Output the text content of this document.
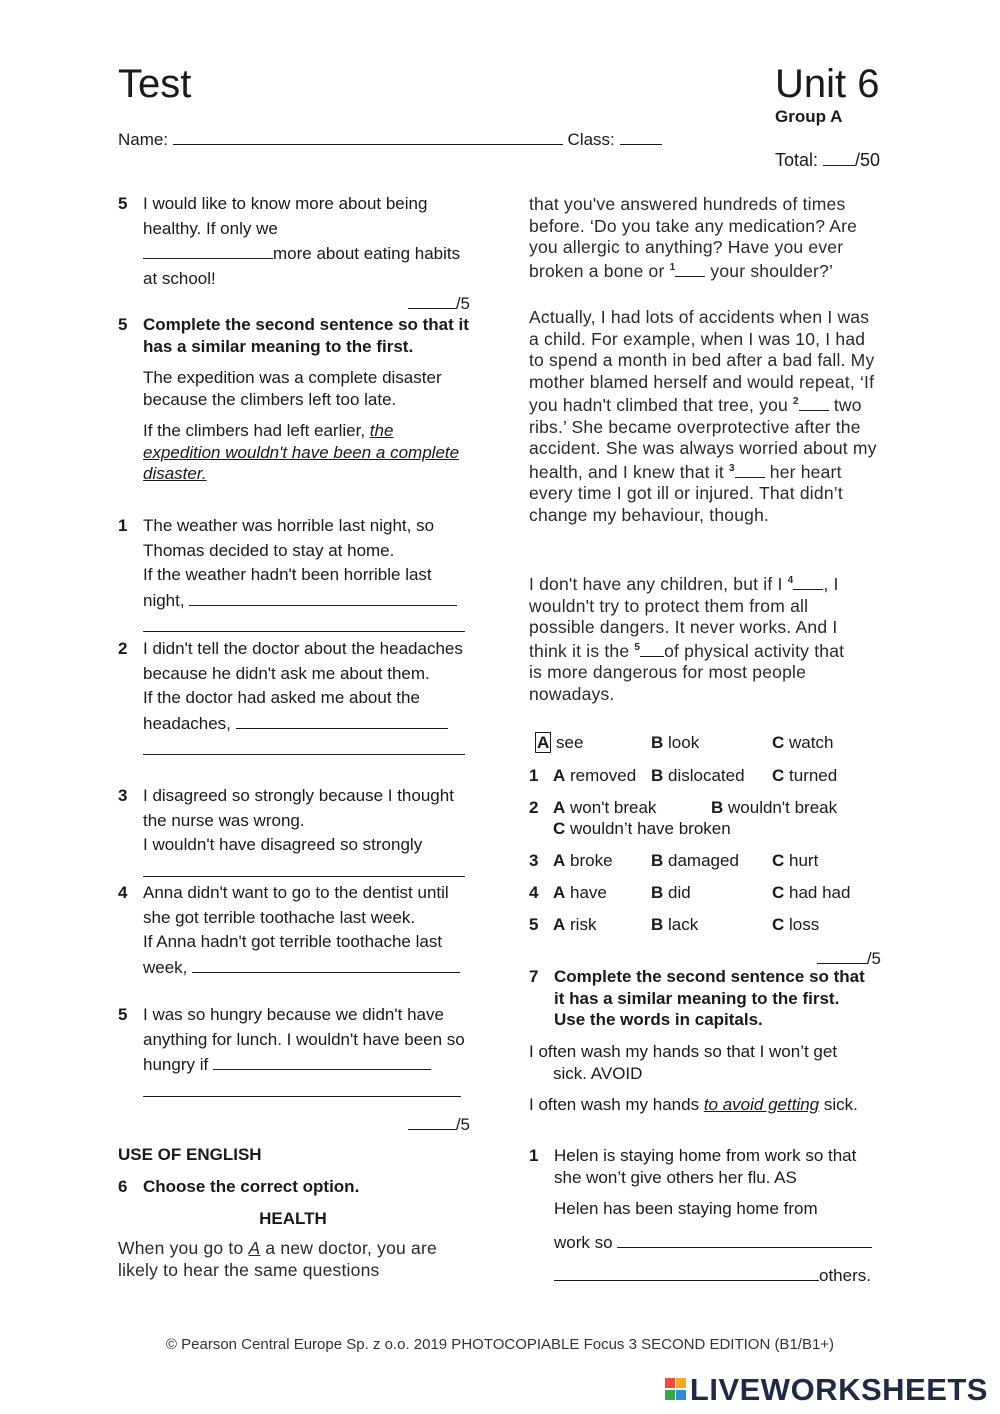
Test	Unit 6
Group A
Name:	Class:
Total: /50
5 I would like to know more about being healthy. If only we
more about eating habits at school!
/5
5 Complete the second sentence so that it has a similar meaning to the first.
The expedition was a complete disaster because the climbers left too late.
If the climbers had left earlier, the expedition wouldn't have been a complete disaster.
1 The weather was horrible last night, so Thomas decided to stay at home.
If the weather hadn't been horrible last night,
2 I didn't tell the doctor about the headaches because he didn't ask me about them.
If the doctor had asked me about the headaches,
3 I disagreed so strongly because I thought the nurse was wrong.
I wouldn't have disagreed so strongly
4 Anna didn't want to go to the dentist until she got terrible toothache last week.
If Anna hadn't got terrible toothache last week,
5 I was so hungry because we didn't have anything for lunch. I wouldn't have been so hungry if
/5
USE OF ENGLISH
6 Choose the correct option.
HEALTH
When you go to A a new doctor, you are likely to hear the same questions
that you've answered hundreds of times before. ‘Do you take any medication? Are you allergic to anything? Have you ever broken a bone or $^1$ your shoulder?’
Actually, I had lots of accidents when I was a child. For example, when I was 10, I had to spend a month in bed after a bad fall. My mother blamed herself and would repeat, ‘If you hadn't climbed that tree, you $^2$ two ribs.’ She became overprotective after the accident. She was always worried about my health, and I knew that it $^3$ her heart every time I got ill or injured. That didn’t change my behaviour, though.
I don't have any children, but if I $^4$ , I wouldn't try to protect them from all possible dangers. It never works. And I think it is the $^5$ of physical activity that is more dangerous for most people nowadays.
A see	B look	C watch
1 A removed B dislocated C turned
2 A won't break	B wouldn't break
C wouldn’t have broken
3 A broke B damaged C hurt
4 A have	B did	C had had
5 A risk	B lack	C loss
/5
7 Complete the second sentence so that it has a similar meaning to the first. Use the words in capitals.
I often wash my hands so that I won’t get sick. AVOID
I often wash my hands to avoid getting sick.
1 Helen is staying home from work so that she won’t give others her flu. AS
Helen has been staying home from
work so
others.
© Pearson Central Europe Sp. z o.o. 2019 PHOTOCOPIABLE Focus 3 SECOND EDITION (B1/B1+)
LIVEWORKSHEETS
